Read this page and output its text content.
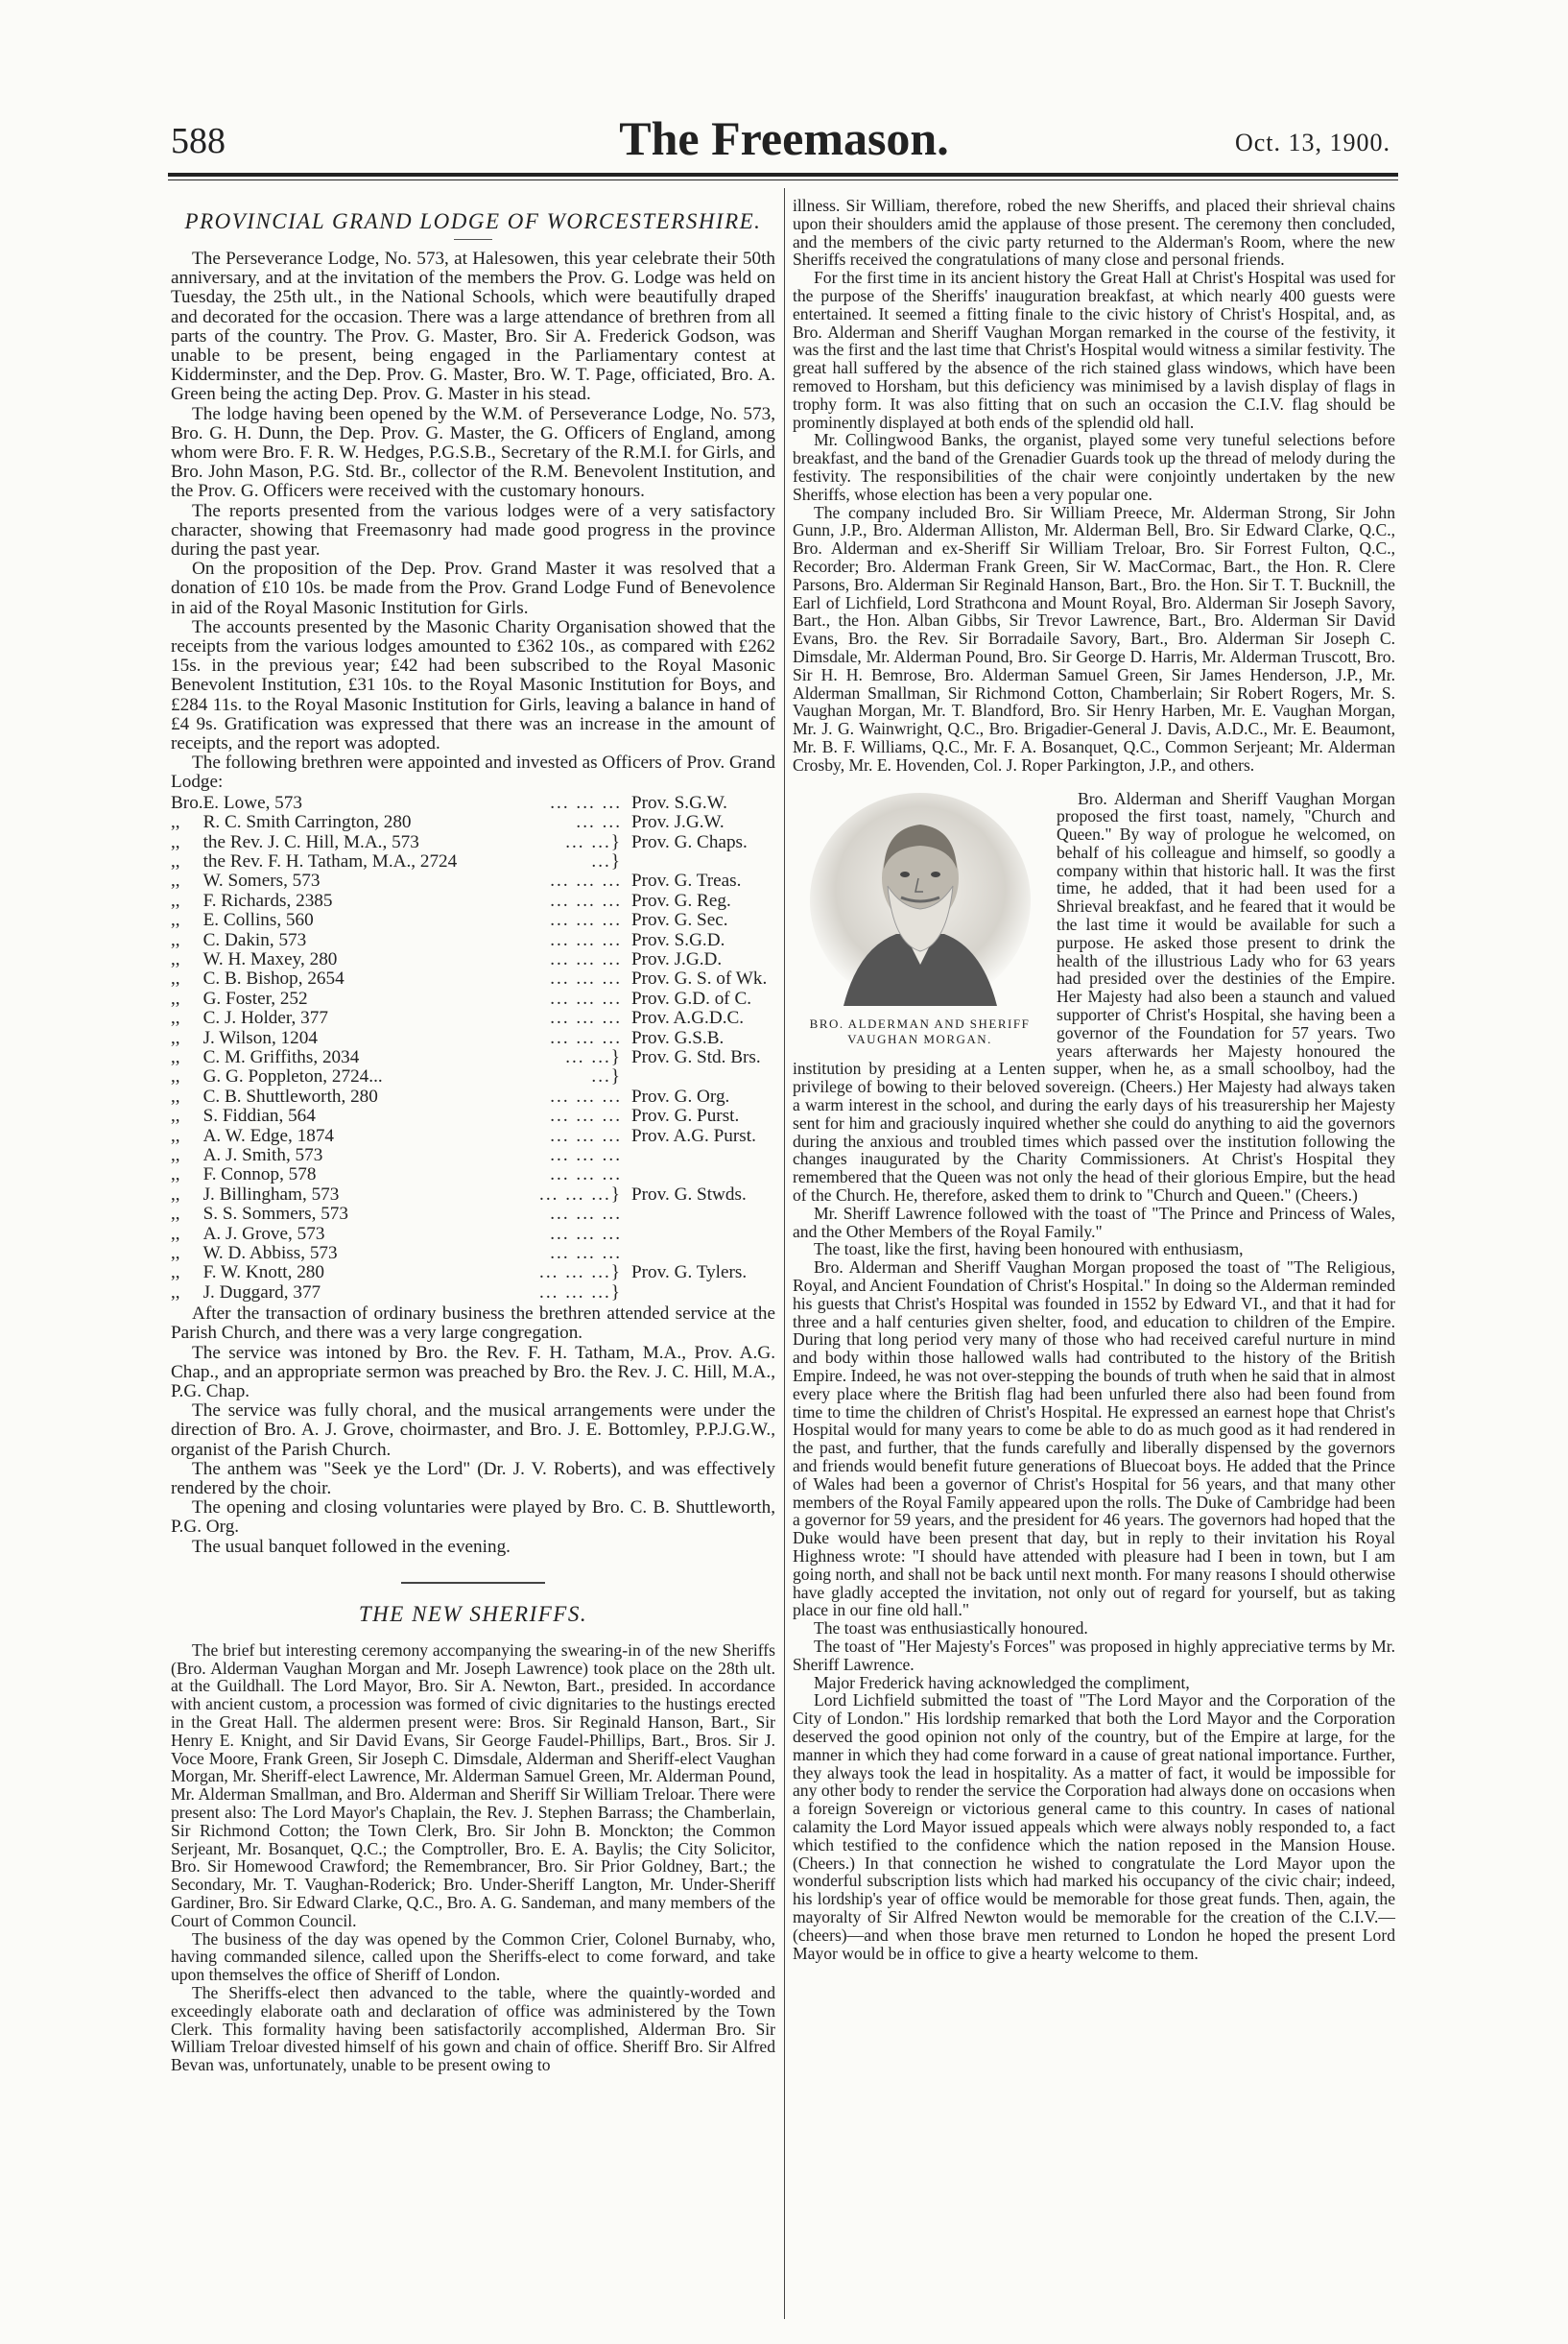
588	The Freemason.	Oct. 13, 1900.
PROVINCIAL GRAND LODGE OF WORCESTERSHIRE.

The Perseverance Lodge, No. 573, at Halesowen, this year celebrate their 50th anniversary, and at the invitation of the members the Prov. G. Lodge was held on Tuesday, the 25th ult., in the National Schools, which were beautifully draped and decorated for the occasion. There was a large attendance of brethren from all parts of the country. The Prov. G. Master, Bro. Sir A. Frederick Godson, was unable to be present, being engaged in the Parliamentary contest at Kidderminster, and the Dep. Prov. G. Master, Bro. W. T. Page, officiated, Bro. A. Green being the acting Dep. Prov. G. Master in his stead.

The lodge having been opened by the W.M. of Perseverance Lodge, No. 573, Bro. G. H. Dunn, the Dep. Prov. G. Master, the G. Officers of England, among whom were Bro. F. R. W. Hedges, P.G.S.B., Secretary of the R.M.I. for Girls, and Bro. John Mason, P.G. Std. Br., collector of the R.M. Benevolent Institution, and the Prov. G. Officers were received with the customary honours.

The reports presented from the various lodges were of a very satisfactory character, showing that Freemasonry had made good progress in the province during the past year.

On the proposition of the Dep. Prov. Grand Master it was resolved that a donation of £10 10s. be made from the Prov. Grand Lodge Fund of Benevolence in aid of the Royal Masonic Institution for Girls.

The accounts presented by the Masonic Charity Organisation showed that the receipts from the various lodges amounted to £362 10s., as compared with £262 15s. in the previous year; £42 had been subscribed to the Royal Masonic Benevolent Institution, £31 10s. to the Royal Masonic Institution for Boys, and £284 11s. to the Royal Masonic Institution for Girls, leaving a balance in hand of £4 9s. Gratification was expressed that there was an increase in the amount of receipts, and the report was adopted.

The following brethren were appointed and invested as Officers of Prov. Grand Lodge:

Bro.	E. Lowe, 573	... ... ...	Prov. S.G.W.
,,	R. C. Smith Carrington, 280	... ...	Prov. J.G.W.
,,	the Rev. J. C. Hill, M.A., 573	... ...}	Prov. G. Chaps.
,,	the Rev. F. H. Tatham, M.A., 2724	...}	
,,	W. Somers, 573	... ... ...	Prov. G. Treas.
,,	F. Richards, 2385	... ... ...	Prov. G. Reg.
,,	E. Collins, 560	... ... ...	Prov. G. Sec.
,,	C. Dakin, 573	... ... ...	Prov. S.G.D.
,,	W. H. Maxey, 280	... ... ...	Prov. J.G.D.
,,	C. B. Bishop, 2654	... ... ...	Prov. G. S. of Wk.
,,	G. Foster, 252	... ... ...	Prov. G.D. of C.
,,	C. J. Holder, 377	... ... ...	Prov. A.G.D.C.
,,	J. Wilson, 1204	... ... ...	Prov. G.S.B.
,,	C. M. Griffiths, 2034	... ...}	Prov. G. Std. Brs.
,,	G. G. Poppleton, 2724...	...}	
,,	C. B. Shuttleworth, 280	... ... ...	Prov. G. Org.
,,	S. Fiddian, 564	... ... ...	Prov. G. Purst.
,,	A. W. Edge, 1874	... ... ...	Prov. A.G. Purst.
,,	A. J. Smith, 573	... ... ...	
,,	F. Connop, 578	... ... ...	
,,	J. Billingham, 573	... ... ...}	Prov. G. Stwds.
,,	S. S. Sommers, 573	... ... ...	
,,	A. J. Grove, 573	... ... ...	
,,	W. D. Abbiss, 573	... ... ...	
,,	F. W. Knott, 280	... ... ...}	Prov. G. Tylers.
,,	J. Duggard, 377	... ... ...}	

After the transaction of ordinary business the brethren attended service at the Parish Church, and there was a very large congregation.

The service was intoned by Bro. the Rev. F. H. Tatham, M.A., Prov. A.G. Chap., and an appropriate sermon was preached by Bro. the Rev. J. C. Hill, M.A., P.G. Chap.

The service was fully choral, and the musical arrangements were under the direction of Bro. A. J. Grove, choirmaster, and Bro. J. E. Bottomley, P.P.J.G.W., organist of the Parish Church.

The anthem was "Seek ye the Lord" (Dr. J. V. Roberts), and was effectively rendered by the choir.

The opening and closing voluntaries were played by Bro. C. B. Shuttleworth, P.G. Org.

The usual banquet followed in the evening.

THE NEW SHERIFFS.

The brief but interesting ceremony accompanying the swearing-in of the new Sheriffs (Bro. Alderman Vaughan Morgan and Mr. Joseph Lawrence) took place on the 28th ult. at the Guildhall. The Lord Mayor, Bro. Sir A. Newton, Bart., presided. In accordance with ancient custom, a procession was formed of civic dignitaries to the hustings erected in the Great Hall. The aldermen present were: Bros. Sir Reginald Hanson, Bart., Sir Henry E. Knight, and Sir David Evans, Sir George Faudel-Phillips, Bart., Bros. Sir J. Voce Moore, Frank Green, Sir Joseph C. Dimsdale, Alderman and Sheriff-elect Vaughan Morgan, Mr. Sheriff-elect Lawrence, Mr. Alderman Samuel Green, Mr. Alderman Pound, Mr. Alderman Smallman, and Bro. Alderman and Sheriff Sir William Treloar. There were present also: The Lord Mayor's Chaplain, the Rev. J. Stephen Barrass; the Chamberlain, Sir Richmond Cotton; the Town Clerk, Bro. Sir John B. Monckton; the Common Serjeant, Mr. Bosanquet, Q.C.; the Comptroller, Bro. E. A. Baylis; the City Solicitor, Bro. Sir Homewood Crawford; the Remembrancer, Bro. Sir Prior Goldney, Bart.; the Secondary, Mr. T. Vaughan-Roderick; Bro. Under-Sheriff Langton, Mr. Under-Sheriff Gardiner, Bro. Sir Edward Clarke, Q.C., Bro. A. G. Sandeman, and many members of the Court of Common Council.

The business of the day was opened by the Common Crier, Colonel Burnaby, who, having commanded silence, called upon the Sheriffs-elect to come forward, and take upon themselves the office of Sheriff of London.

The Sheriffs-elect then advanced to the table, where the quaintly-worded and exceedingly elaborate oath and declaration of office was administered by the Town Clerk. This formality having been satisfactorily accomplished, Alderman Bro. Sir William Treloar divested himself of his gown and chain of office. Sheriff Bro. Sir Alfred Bevan was, unfortunately, unable to be present owing to

illness. Sir William, therefore, robed the new Sheriffs, and placed their shrieval chains upon their shoulders amid the applause of those present. The ceremony then concluded, and the members of the civic party returned to the Alderman's Room, where the new Sheriffs received the congratulations of many close and personal friends.

For the first time in its ancient history the Great Hall at Christ's Hospital was used for the purpose of the Sheriffs' inauguration breakfast, at which nearly 400 guests were entertained. It seemed a fitting finale to the civic history of Christ's Hospital, and, as Bro. Alderman and Sheriff Vaughan Morgan remarked in the course of the festivity, it was the first and the last time that Christ's Hospital would witness a similar festivity. The great hall suffered by the absence of the rich stained glass windows, which have been removed to Horsham, but this deficiency was minimised by a lavish display of flags in trophy form. It was also fitting that on such an occasion the C.I.V. flag should be prominently displayed at both ends of the splendid old hall.

Mr. Collingwood Banks, the organist, played some very tuneful selections before breakfast, and the band of the Grenadier Guards took up the thread of melody during the festivity. The responsibilities of the chair were conjointly undertaken by the new Sheriffs, whose election has been a very popular one.

The company included Bro. Sir William Preece, Mr. Alderman Strong, Sir John Gunn, J.P., Bro. Alderman Alliston, Mr. Alderman Bell, Bro. Sir Edward Clarke, Q.C., Bro. Alderman and ex-Sheriff Sir William Treloar, Bro. Sir Forrest Fulton, Q.C., Recorder; Bro. Alderman Frank Green, Sir W. MacCormac, Bart., the Hon. R. Clere Parsons, Bro. Alderman Sir Reginald Hanson, Bart., Bro. the Hon. Sir T. T. Bucknill, the Earl of Lichfield, Lord Strathcona and Mount Royal, Bro. Alderman Sir Joseph Savory, Bart., the Hon. Alban Gibbs, Sir Trevor Lawrence, Bart., Bro. Alderman Sir David Evans, Bro. the Rev. Sir Borradaile Savory, Bart., Bro. Alderman Sir Joseph C. Dimsdale, Mr. Alderman Pound, Bro. Sir George D. Harris, Mr. Alderman Truscott, Bro. Sir H. H. Bemrose, Bro. Alderman Samuel Green, Sir James Henderson, J.P., Mr. Alderman Smallman, Sir Richmond Cotton, Chamberlain; Sir Robert Rogers, Mr. S. Vaughan Morgan, Mr. T. Blandford, Bro. Sir Henry Harben, Mr. E. Vaughan Morgan, Mr. J. G. Wainwright, Q.C., Bro. Brigadier-General J. Davis, A.D.C., Mr. E. Beaumont, Mr. B. F. Williams, Q.C., Mr. F. A. Bosanquet, Q.C., Common Serjeant; Mr. Alderman Crosby, Mr. E. Hovenden, Col. J. Roper Parkington, J.P., and others.

BRO. ALDERMAN AND SHERIFF VAUGHAN MORGAN.

Bro. Alderman and Sheriff Vaughan Morgan proposed the first toast, namely, "Church and Queen." By way of prologue he welcomed, on behalf of his colleague and himself, so goodly a company within that historic hall. It was the first time, he added, that it had been used for a Shrieval breakfast, and he feared that it would be the last time it would be available for such a purpose. He asked those present to drink the health of the illustrious Lady who for 63 years had presided over the destinies of the Empire. Her Majesty had also been a staunch and valued supporter of Christ's Hospital, she having been a governor of the Foundation for 57 years. Two years afterwards her Majesty honoured the institution by presiding at a Lenten supper, when he, as a small schoolboy, had the privilege of bowing to their beloved sovereign. (Cheers.) Her Majesty had always taken a warm interest in the school, and during the early days of his treasurership her Majesty sent for him and graciously inquired whether she could do anything to aid the governors during the anxious and troubled times which passed over the institution following the changes inaugurated by the Charity Commissioners. At Christ's Hospital they remembered that the Queen was not only the head of their glorious Empire, but the head of the Church. He, therefore, asked them to drink to "Church and Queen." (Cheers.)

Mr. Sheriff Lawrence followed with the toast of "The Prince and Princess of Wales, and the Other Members of the Royal Family."

The toast, like the first, having been honoured with enthusiasm,

Bro. Alderman and Sheriff Vaughan Morgan proposed the toast of "The Religious, Royal, and Ancient Foundation of Christ's Hospital." In doing so the Alderman reminded his guests that Christ's Hospital was founded in 1552 by Edward VI., and that it had for three and a half centuries given shelter, food, and education to children of the Empire. During that long period very many of those who had received careful nurture in mind and body within those hallowed walls had contributed to the history of the British Empire. Indeed, he was not over-stepping the bounds of truth when he said that in almost every place where the British flag had been unfurled there also had been found from time to time the children of Christ's Hospital. He expressed an earnest hope that Christ's Hospital would for many years to come be able to do as much good as it had rendered in the past, and further, that the funds carefully and liberally dispensed by the governors and friends would benefit future generations of Bluecoat boys. He added that the Prince of Wales had been a governor of Christ's Hospital for 56 years, and that many other members of the Royal Family appeared upon the rolls. The Duke of Cambridge had been a governor for 59 years, and the president for 46 years. The governors had hoped that the Duke would have been present that day, but in reply to their invitation his Royal Highness wrote: "I should have attended with pleasure had I been in town, but I am going north, and shall not be back until next month. For many reasons I should otherwise have gladly accepted the invitation, not only out of regard for yourself, but as taking place in our fine old hall."

The toast was enthusiastically honoured.

The toast of "Her Majesty's Forces" was proposed in highly appreciative terms by Mr. Sheriff Lawrence.

Major Frederick having acknowledged the compliment,

Lord Lichfield submitted the toast of "The Lord Mayor and the Corporation of the City of London." His lordship remarked that both the Lord Mayor and the Corporation deserved the good opinion not only of the country, but of the Empire at large, for the manner in which they had come forward in a cause of great national importance. Further, they always took the lead in hospitality. As a matter of fact, it would be impossible for any other body to render the service the Corporation had always done on occasions when a foreign Sovereign or victorious general came to this country. In cases of national calamity the Lord Mayor issued appeals which were always nobly responded to, a fact which testified to the confidence which the nation reposed in the Mansion House. (Cheers.) In that connection he wished to congratulate the Lord Mayor upon the wonderful subscription lists which had marked his occupancy of the civic chair; indeed, his lordship's year of office would be memorable for those great funds. Then, again, the mayoralty of Sir Alfred Newton would be memorable for the creation of the C.I.V.—(cheers)—and when those brave men returned to London he hoped the present Lord Mayor would be in office to give a hearty welcome to them.
